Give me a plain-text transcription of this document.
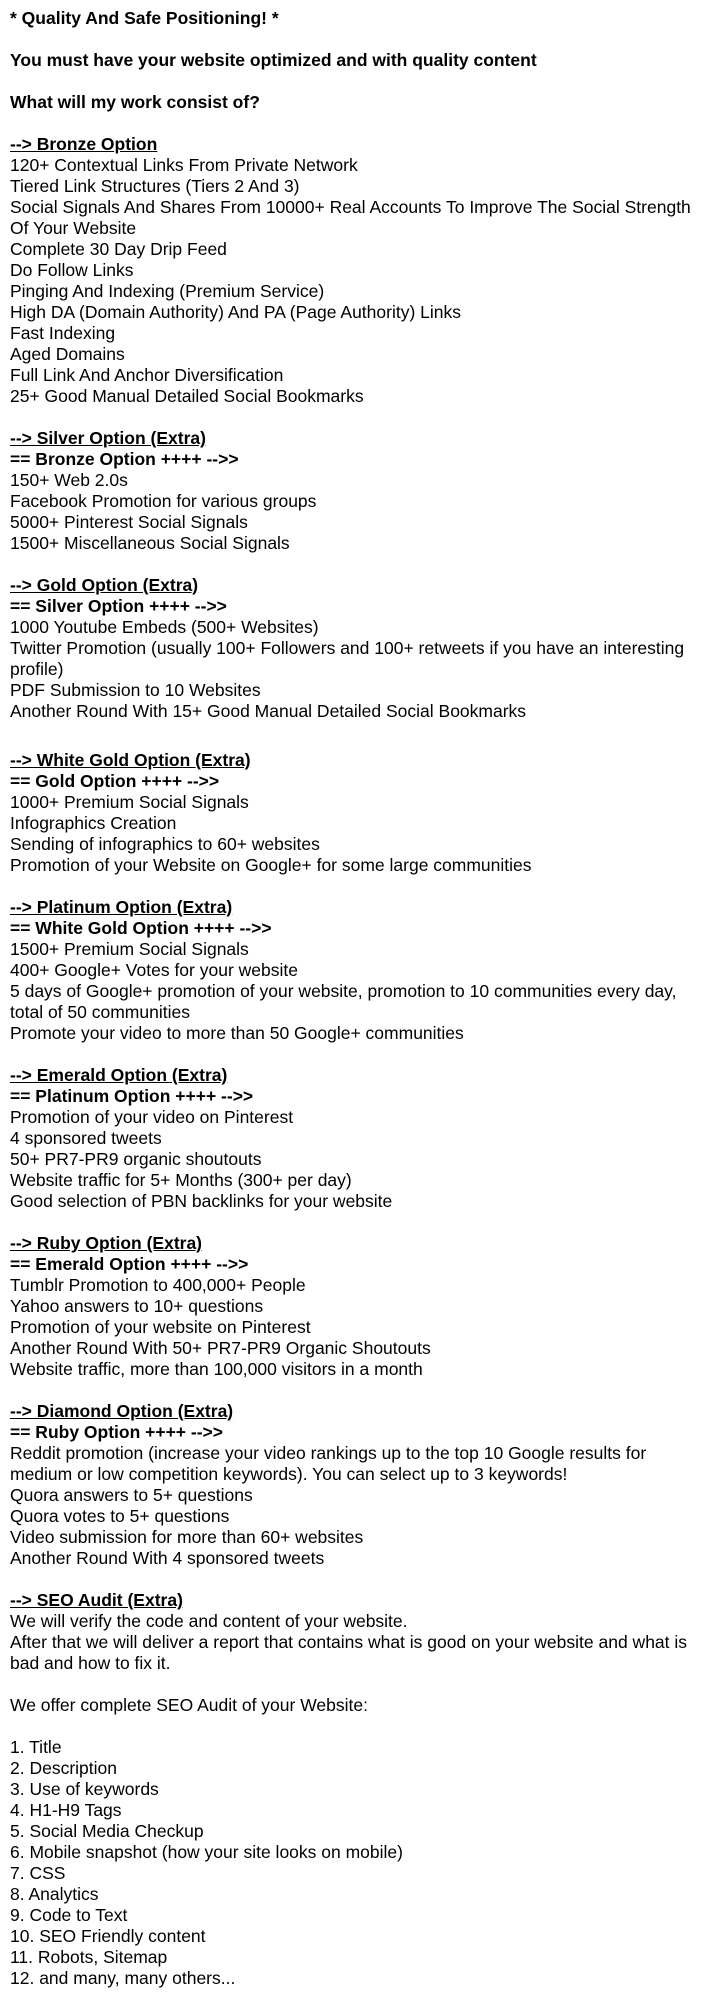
* Quality And Safe Positioning! *
You must have your website optimized and with quality content
What will my work consist of?
--> Bronze Option
120+ Contextual Links From Private Network
Tiered Link Structures (Tiers 2 And 3)
Social Signals And Shares From 10000+ Real Accounts To Improve The Social Strength Of Your Website
Complete 30 Day Drip Feed
Do Follow Links
Pinging And Indexing (Premium Service)
High DA (Domain Authority) And PA (Page Authority) Links
Fast Indexing
Aged Domains
Full Link And Anchor Diversification
25+ Good Manual Detailed Social Bookmarks
--> Silver Option (Extra)
== Bronze Option ++++ -->>
150+ Web 2.0s
Facebook Promotion for various groups
5000+ Pinterest Social Signals
1500+ Miscellaneous Social Signals
--> Gold Option (Extra)
== Silver Option ++++ -->>
1000 Youtube Embeds (500+ Websites)
Twitter Promotion (usually 100+ Followers and 100+ retweets if you have an interesting profile)
PDF Submission to 10 Websites
Another Round With 15+ Good Manual Detailed Social Bookmarks
--> White Gold Option (Extra)
== Gold Option ++++ -->>
1000+ Premium Social Signals
Infographics Creation
Sending of infographics to 60+ websites
Promotion of your Website on Google+ for some large communities
--> Platinum Option (Extra)
== White Gold Option ++++ -->>
1500+ Premium Social Signals
400+ Google+ Votes for your website
5 days of Google+ promotion of your website, promotion to 10 communities every day, total of 50 communities
Promote your video to more than 50 Google+ communities
--> Emerald Option (Extra)
== Platinum Option ++++ -->>
Promotion of your video on Pinterest
4 sponsored tweets
50+ PR7-PR9 organic shoutouts
Website traffic for 5+ Months (300+ per day)
Good selection of PBN backlinks for your website
--> Ruby Option (Extra)
== Emerald Option ++++ -->>
Tumblr Promotion to 400,000+ People
Yahoo answers to 10+ questions
Promotion of your website on Pinterest
Another Round With 50+ PR7-PR9 Organic Shoutouts
Website traffic, more than 100,000 visitors in a month
--> Diamond Option (Extra)
== Ruby Option ++++ -->>
Reddit promotion (increase your video rankings up to the top 10 Google results for medium or low competition keywords). You can select up to 3 keywords!
Quora answers to 5+ questions
Quora votes to 5+ questions
Video submission for more than 60+ websites
Another Round With 4 sponsored tweets
--> SEO Audit (Extra)
We will verify the code and content of your website.
After that we will deliver a report that contains what is good on your website and what is bad and how to fix it.
We offer complete SEO Audit of your Website:
1. Title
2. Description
3. Use of keywords
4. H1-H9 Tags
5. Social Media Checkup
6. Mobile snapshot (how your site looks on mobile)
7. CSS
8. Analytics
9. Code to Text
10. SEO Friendly content
11. Robots, Sitemap
12. and many, many others...
